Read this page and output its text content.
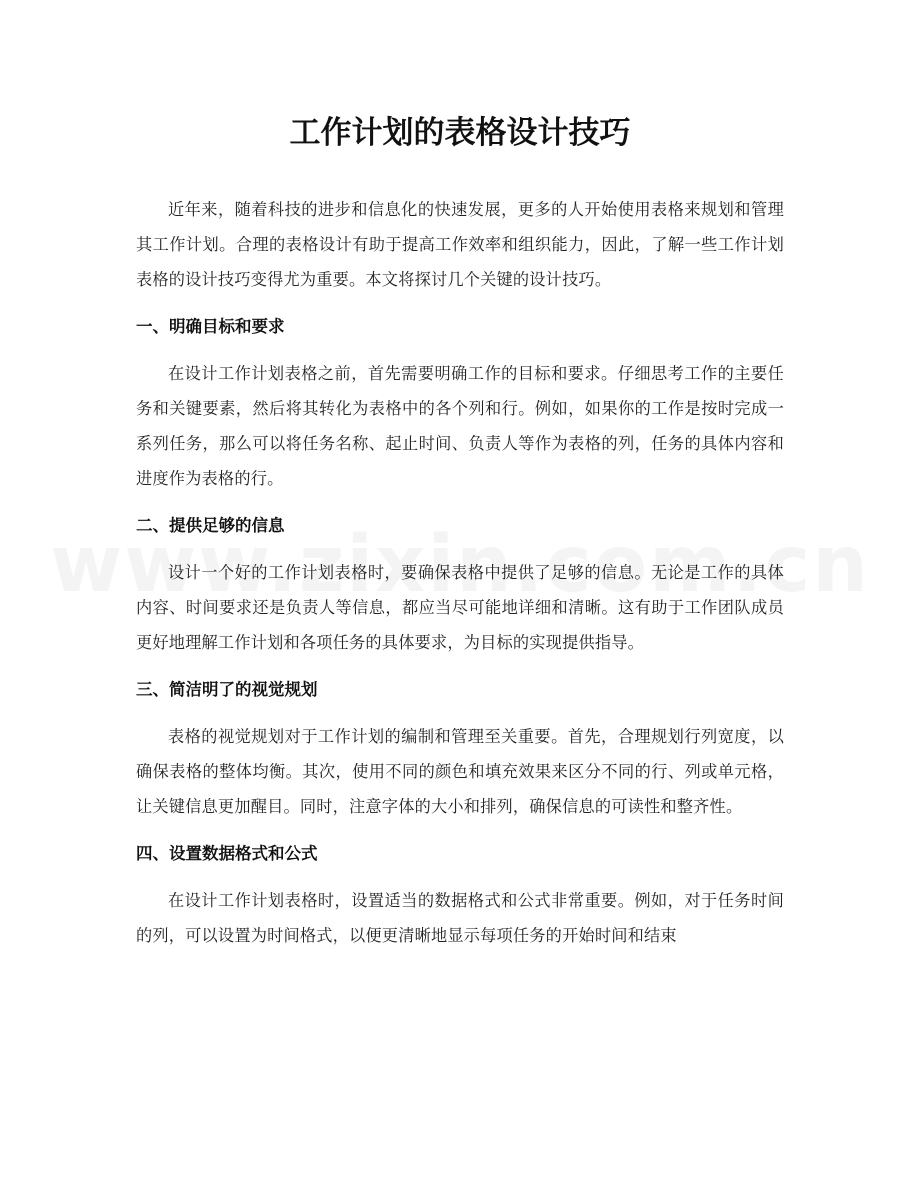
工作计划的表格设计技巧

近年来，随着科技的进步和信息化的快速发展，更多的人开始使用表格来规划和管理其工作计划。合理的表格设计有助于提高工作效率和组织能力，因此，了解一些工作计划表格的设计技巧变得尤为重要。本文将探讨几个关键的设计技巧。

一、明确目标和要求

在设计工作计划表格之前，首先需要明确工作的目标和要求。仔细思考工作的主要任务和关键要素，然后将其转化为表格中的各个列和行。例如，如果你的工作是按时完成一系列任务，那么可以将任务名称、起止时间、负责人等作为表格的列，任务的具体内容和进度作为表格的行。

二、提供足够的信息

设计一个好的工作计划表格时，要确保表格中提供了足够的信息。无论是工作的具体内容、时间要求还是负责人等信息，都应当尽可能地详细和清晰。这有助于工作团队成员更好地理解工作计划和各项任务的具体要求，为目标的实现提供指导。

三、简洁明了的视觉规划

表格的视觉规划对于工作计划的编制和管理至关重要。首先，合理规划行列宽度，以确保表格的整体均衡。其次，使用不同的颜色和填充效果来区分不同的行、列或单元格，让关键信息更加醒目。同时，注意字体的大小和排列，确保信息的可读性和整齐性。

四、设置数据格式和公式

在设计工作计划表格时，设置适当的数据格式和公式非常重要。例如，对于任务时间的列，可以设置为时间格式，以便更清晰地显示每项任务的开始时间和结束
